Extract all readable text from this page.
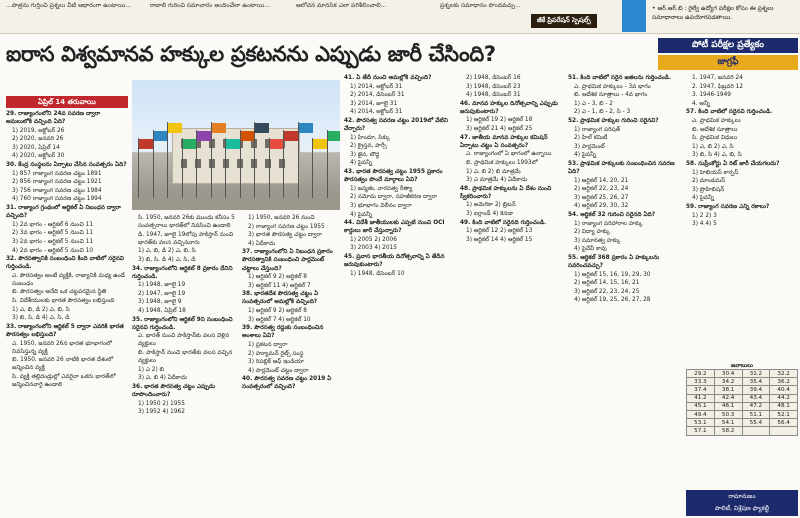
...పాత్రను గుర్తించి ప్రశ్నలు వీటి ఆధారంగా ఉంటాయి...	రావాలి గురించి సమాచారం అందించేలా ఉంటాయి...	ఆలోచన మానసిక ఎలా పరిశీలించాలి...	ప్రశ్నలకు సమాధానం పొందవచ్చు...
జీకే ప్రిపరేషన్ స్పెషల్స్
• ఆర్.ఆర్.బి : రైల్వే ఉద్యోగ పరీక్షల కోసం ఈ ప్రశ్నలు సమాధానాలు ఉపయోగపడతాయి.
ఐరాస విశ్వమానవ హక్కుల ప్రకటనను ఎప్పుడు జారీ చేసింది?	పోటీ పరీక్షల ప్రత్యేకం
జాగ్రఫీ
ఏప్రిల్ 14 తరువాయి

29. రాజ్యాంగంలోని 24వ సవరణ ద్వారా అమలులోకి వచ్చింది ఏది?

1) 2019, అక్టోబర్ 26

2) 2020, జనవరి 26

3) 2020, ఏప్రిల్ 14

4) 2020, అక్టోబర్ 30

30. కేంద్ర సంస్థలను ఏర్పాటు చేసిన సంవత్సరం ఏది?

1) 857 రాజ్యాంగ సవరణ చట్టం 1891

2) 856 రాజ్యాంగ సవరణ చట్టం 1921

3) 756 రాజ్యాంగ సవరణ చట్టం 1984

4) 760 రాజ్యాంగ సవరణ చట్టం 1994

31. రాజ్యాంగ గ్రంథంలో ఆర్టికల్ ఏ నిబంధన ద్వారా వచ్చింది?

1) 2వ భాగం - ఆర్టికల్ 6 నుంచి 11

2) 3వ భాగం - ఆర్టికల్ 5 నుంచి 11

3) 2వ భాగం - ఆర్టికల్ 5 నుంచి 11

4) 2వ భాగం - ఆర్టికల్ 5 నుంచి 10

32. పౌరసత్వానికి సంబంధించి కింది వాటిలో సరైనవి గుర్తించండి.

ఎ. పౌరసత్వం అంటే వ్యక్తికి, రాజ్యానికి మధ్య ఉండే సంబంధం

బి. పౌరసత్వం అనేది ఒక చట్టపరమైన స్థితి

సి. విదేశీయులకు భారత పౌరసత్వం లభిస్తుంది

1) ఎ, బి, డి 2) ఎ, బి, సి

3) బి, సి, డి 4) ఎ, సి, డి

33. రాజ్యాంగంలోని ఆర్టికల్ 5 ద్వారా ఎవరికి భారత పౌరసత్వం లభిస్తుంది?

ఎ. 1950, జనవరి 26న భారత భూభాగంలో నివసిస్తున్న వ్యక్తి

బి. 1950, జనవరి 26 నాటికి భారత దేశంలో జన్మించిన వ్యక్తి

సి. వ్యక్తి తల్లిదండ్రుల్లో ఎవరైనా ఒకరు భారత్‌లో జన్మించినవారై ఉండాలి

సి. 1950, జనవరి 26కు ముందు కనీసం 5 సంవత్సరాలు భారత్‌లో నివసించి ఉండాలి

డి. 1947, జూలై 19లోపు పాకిస్తాన్ నుంచి భారత్‌కు వలస వచ్చినవారు

1) ఎ, బి, డి 2) ఎ, బి, సి

3) బి, సి, డి 4) ఎ, సి, డి

34. రాజ్యాంగంలోని ఆర్టికల్ 8 ప్రకారం దేనిని గుర్తించండి.

1) 1948, జూలై 19

2) 1947, జూలై 19

3) 1948, జూలై 9

4) 1948, ఏప్రిల్ 18

35. రాజ్యాంగంలోని ఆర్టికల్ 9ని సంబంధించి సరైనవి గుర్తించండి.

ఎ. భారత్ నుంచి పాకిస్తాన్‌కు వలస వెళ్లిన వ్యక్తులు

బి. పాకిస్తాన్ నుంచి భారత్‌కు వలస వచ్చిన వ్యక్తులు

1) ఎ 2) బి

3) ఎ, బి 4) ఏదీకాదు

36. భారత పౌరసత్వ చట్టం ఎప్పుడు రూపొందించారు?

1) 1950 2) 1955

3) 1952 4) 1962

1) 1950, జనవరి 26 నుంచి

2) రాజ్యాంగ సవరణ చట్టం 1955

3) భారత పౌరసత్వ చట్టం ద్వారా

4) ఏదీకాదు

37. రాజ్యాంగంలోని ఏ నిబంధన ప్రకారం పౌరసత్వానికి సంబంధించి పార్లమెంట్ చట్టాలు చేస్తుంది?

1) ఆర్టికల్ 9 2) ఆర్టికల్ 8

3) ఆర్టికల్ 11 4) ఆర్టికల్ 7

38. భారతదేశ పౌరసత్వ చట్టం ఏ సంవత్సరంలో అమల్లోకి వచ్చింది?

1) ఆర్టికల్ 9 2) ఆర్టికల్ 8

3) ఆర్టికల్ 7 4) ఆర్టికల్ 10

39. పౌరసత్వ రద్దుకు సంబంధించిన అంశాలు ఏవి?

1) ప్రకటన ద్వారా

2) హ్యూమన్ రైట్స్ సంస్థ

3) రిపబ్లిక్ ఆఫ్ ఇండియా

4) పార్లమెంట్ చట్టం ద్వారా

40. పౌరసత్వ సవరణ చట్టం 2019 ఏ సంవత్సరంలో వచ్చింది?

41. ఏ తేదీ నుంచి అమల్లోకి వచ్చింది?

1) 2014, అక్టోబర్ 31

2) 2014, డిసెంబర్ 31

3) 2014, జూలై 31

4) 2014, అక్టోబర్ 31

42. పౌరసత్వ సవరణ చట్టం 2019లో వేటిని చేర్చారు?

1) హిందూ, సిక్కు

2) క్రైస్తవ, పార్సీ

3) జైన, బౌద్ధ

4) పైవన్నీ

43. భారత పౌరసత్వ చట్టం 1955 ప్రకారం పౌరసత్వం పొందే మార్గాలు ఏవి?

1) జన్మతః, వారసత్వ రీత్యా

2) నమోదు ద్వారా, సహజీకరణ ద్వారా

3) భూభాగం విలీనం ద్వారా

4) పైవన్నీ

44. విదేశీ జాతీయులకు ఎప్పటి నుంచి OCI కార్డులు జారీ చేస్తున్నారు?

1) 2005 2) 2006

3) 2003 4) 2015

45. ప్రవాస భారతీయ దినోత్సవాన్ని ఏ తేదీన జరుపుకుంటారు?

1) 1948, డిసెంబర్ 10

2) 1948, డిసెంబర్ 16

3) 1948, డిసెంబర్ 23

4) 1948, డిసెంబర్ 31

46. మానవ హక్కుల దినోత్సవాన్ని ఎప్పుడు జరుపుకుంటారు?

1) ఆర్టికల్ 19 2) ఆర్టికల్ 18

3) ఆర్టికల్ 21 4) ఆర్టికల్ 25

47. జాతీయ మానవ హక్కుల కమిషన్ ఏర్పాటు చట్టం ఏ సంవత్సరం?

ఎ. రాజ్యాంగంలో ఏ భాగంలో ఉన్నాయి

బి. ప్రాథమిక హక్కులు 1993లో

1) ఎ, బి 2) బి మాత్రమే

3) ఎ మాత్రమే 4) ఏదీకాదు

48. ప్రాథమిక హక్కులను ఏ దేశం నుంచి స్వీకరించారు?

1) అమెరికా 2) బ్రిటన్

3) ఐర్లాండ్ 4) కెనడా

49. కింది వాటిలో సరైనది గుర్తించండి.

1) ఆర్టికల్ 12 2) ఆర్టికల్ 13

3) ఆర్టికల్ 14 4) ఆర్టికల్ 15

51. కింది వాటిలో సరైన జతలను గుర్తించండి.

ఎ. ప్రాథమిక హక్కులు - 3వ భాగం

బి. ఆదేశిక సూత్రాలు - 4వ భాగం

1) ఎ - 3, బి - 2

2) ఎ - 1, బి - 2, సి - 3

52. ప్రాథమిక హక్కుల గురించి సరైనవి?

1) రాజ్యాంగ పరిషత్

2) హిల్ కమిటీ

3) పార్లమెంట్

4) పైవన్నీ

53. ప్రాథమిక హక్కులకు సంబంధించిన సవరణ ఏది?

1) ఆర్టికల్ 14, 20, 21

2) ఆర్టికల్ 22, 23, 24

3) ఆర్టికల్ 25, 26, 27

4) ఆర్టికల్ 29, 30, 32

54. ఆర్టికల్ 32 గురించి సరైనది ఏది?

1) రాజ్యాంగ పరిహారాల హక్కు

2) విద్యా హక్కు

3) సమానత్వ హక్కు

4) పైవేవీ కావు

55. ఆర్టికల్ 368 ప్రకారం ఏ హక్కులను సవరించవచ్చు?

1) ఆర్టికల్ 15, 16, 19, 29, 30

2) ఆర్టికల్ 14, 15, 16, 21

3) ఆర్టికల్ 22, 23, 24, 25

4) ఆర్టికల్ 19, 25, 26, 27, 28

1. 1947, జనవరి 24

2. 1947, ఫిబ్రవరి 12

3. 1946-1949

4. అన్నీ

57. కింది వాటిలో సరైనవి గుర్తించండి.

ఎ. ప్రాథమిక హక్కులు

బి. ఆదేశిక సూత్రాలు

సి. ప్రాథమిక విధులు

1) ఎ, బి 2) ఎ, సి

3) బి, సి 4) ఎ, బి, సి

58. సుప్రీంకోర్టు ఏ రిట్ జారీ చేయగలదు?

1) హెబియస్ కార్పస్

2) మాండమస్

3) ప్రొహిబిషన్

4) పైవన్నీ

59. రాజ్యాంగ సవరణ ఎన్ని రకాలు?

1) 2 2) 3

3) 4 4) 5

జవాబులు
29.2	30.4	31.2	32.2
33.3	34.2	35.4	36.2
37.4	38.1	39.4	40.4
41.2	42.4	43.4	44.2
45.1	46.1	47.2	48.1
49.4	50.3	51.1	52.1
53.1	54.1	55.4	56.4
57.1	58.2		
రామానుజం
పాలిటీ, విశ్లేషణ ఫ్యాకల్టీ
